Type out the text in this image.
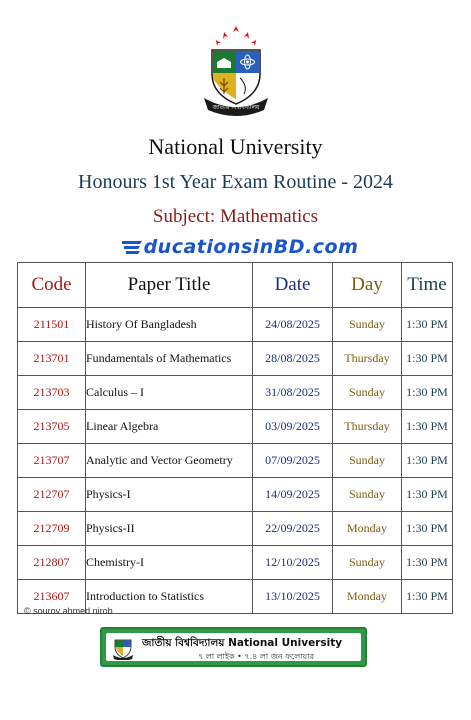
জাতীয় বিশ্ববিদ্যালয়
National University
Honours 1st Year Exam Routine - 2024
Subject: Mathematics
ducationsinBD.com
Code	Paper Title	Date	Day	Time
211501	History Of Bangladesh	24/08/2025	Sunday	1:30 PM
213701	Fundamentals of Mathematics	28/08/2025	Thursday	1:30 PM
213703	Calculus – I	31/08/2025	Sunday	1:30 PM
213705	Linear Algebra	03/09/2025	Thursday	1:30 PM
213707	Analytic and Vector Geometry	07/09/2025	Sunday	1:30 PM
212707	Physics-I	14/09/2025	Sunday	1:30 PM
212709	Physics-II	22/09/2025	Monday	1:30 PM
212807	Chemistry-I	12/10/2025	Sunday	1:30 PM
213607	Introduction to Statistics	13/10/2025	Monday	1:30 PM
© sourov ahmed nirob
জাতীয় বিশ্ববিদ্যালয় National University
৭ লা লাইক • ৭.৪ লা জন ফলোয়ার
